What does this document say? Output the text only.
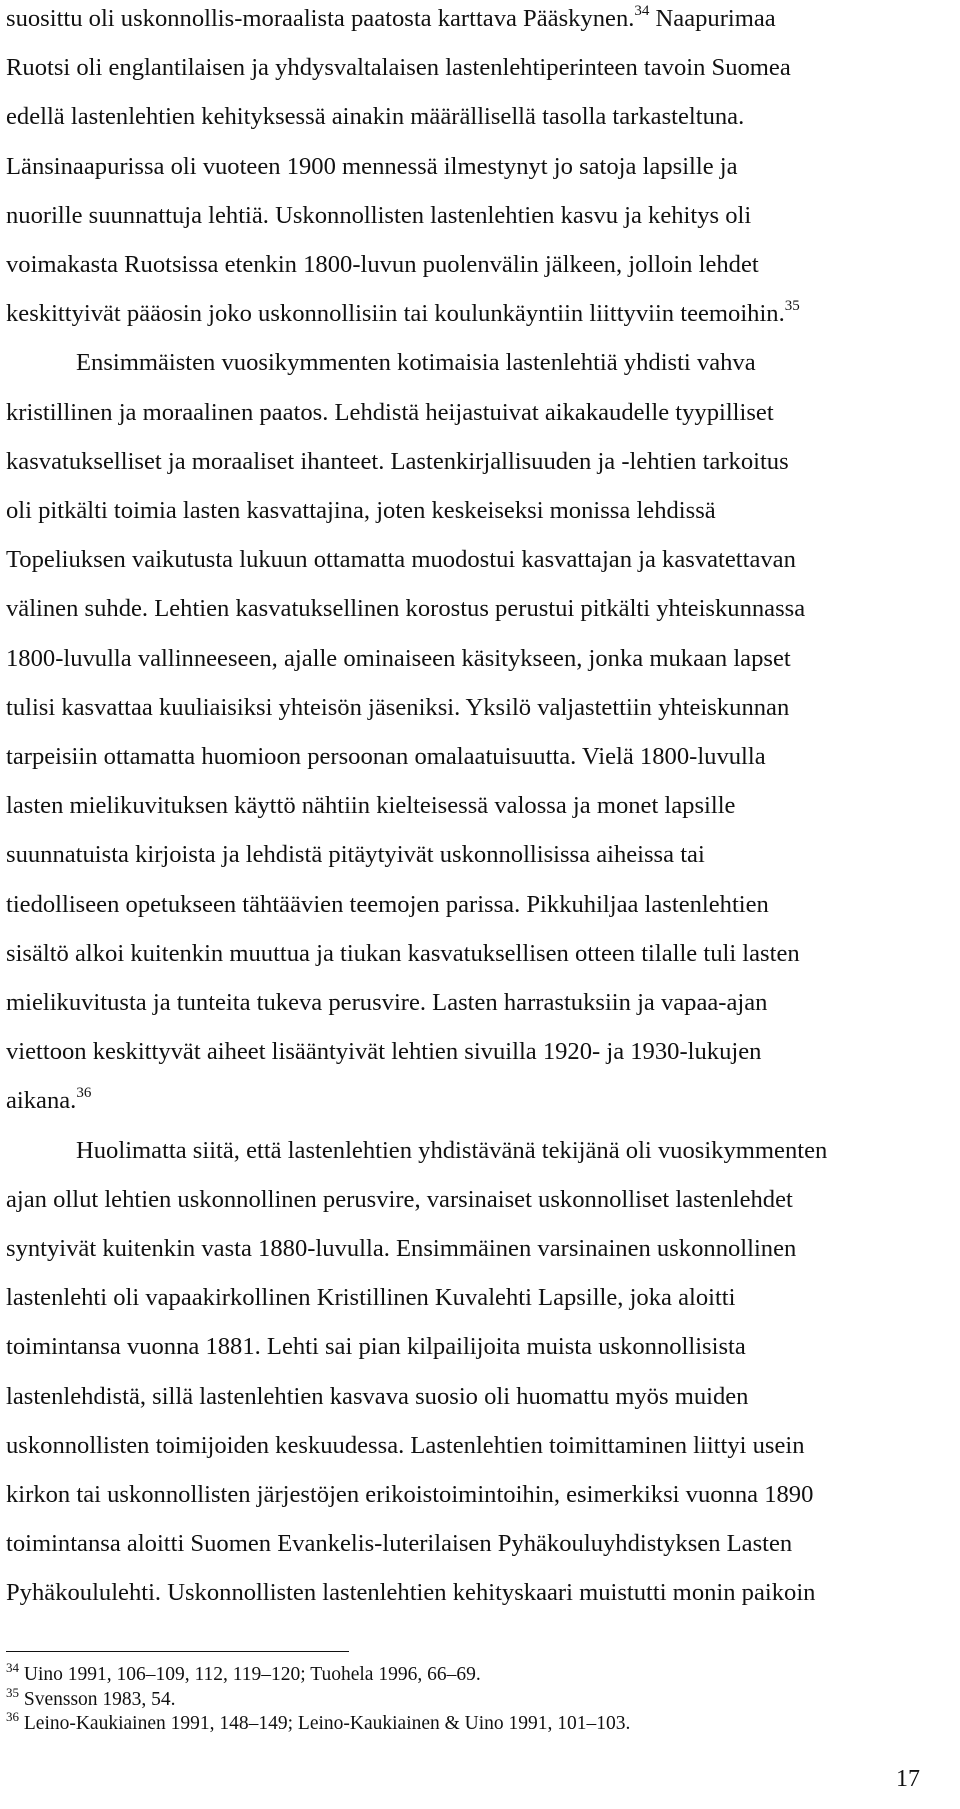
suosittu oli uskonnollis-moraalista paatosta karttava Pääskynen.$^{34}$ Naapurimaa
Ruotsi oli englantilaisen ja yhdysvaltalaisen lastenlehtiperinteen tavoin Suomea
edellä lastenlehtien kehityksessä ainakin määrällisellä tasolla tarkasteltuna.
Länsinaapurissa oli vuoteen 1900 mennessä ilmestynyt jo satoja lapsille ja
nuorille suunnattuja lehtiä. Uskonnollisten lastenlehtien kasvu ja kehitys oli
voimakasta Ruotsissa etenkin 1800-luvun puolenvälin jälkeen, jolloin lehdet
keskittyivät pääosin joko uskonnollisiin tai koulunkäyntiin liittyviin teemoihin.$^{35}$
Ensimmäisten vuosikymmenten kotimaisia lastenlehtiä yhdisti vahva
kristillinen ja moraalinen paatos. Lehdistä heijastuivat aikakaudelle tyypilliset
kasvatukselliset ja moraaliset ihanteet. Lastenkirjallisuuden ja -lehtien tarkoitus
oli pitkälti toimia lasten kasvattajina, joten keskeiseksi monissa lehdissä
Topeliuksen vaikutusta lukuun ottamatta muodostui kasvattajan ja kasvatettavan
välinen suhde. Lehtien kasvatuksellinen korostus perustui pitkälti yhteiskunnassa
1800-luvulla vallinneeseen, ajalle ominaiseen käsitykseen, jonka mukaan lapset
tulisi kasvattaa kuuliaisiksi yhteisön jäseniksi. Yksilö valjastettiin yhteiskunnan
tarpeisiin ottamatta huomioon persoonan omalaatuisuutta. Vielä 1800-luvulla
lasten mielikuvituksen käyttö nähtiin kielteisessä valossa ja monet lapsille
suunnatuista kirjoista ja lehdistä pitäytyivät uskonnollisissa aiheissa tai
tiedolliseen opetukseen tähtäävien teemojen parissa. Pikkuhiljaa lastenlehtien
sisältö alkoi kuitenkin muuttua ja tiukan kasvatuksellisen otteen tilalle tuli lasten
mielikuvitusta ja tunteita tukeva perusvire. Lasten harrastuksiin ja vapaa-ajan
viettoon keskittyvät aiheet lisääntyivät lehtien sivuilla 1920- ja 1930-lukujen
aikana.$^{36}$
Huolimatta siitä, että lastenlehtien yhdistävänä tekijänä oli vuosikymmenten
ajan ollut lehtien uskonnollinen perusvire, varsinaiset uskonnolliset lastenlehdet
syntyivät kuitenkin vasta 1880-luvulla. Ensimmäinen varsinainen uskonnollinen
lastenlehti oli vapaakirkollinen Kristillinen Kuvalehti Lapsille, joka aloitti
toimintansa vuonna 1881. Lehti sai pian kilpailijoita muista uskonnollisista
lastenlehdistä, sillä lastenlehtien kasvava suosio oli huomattu myös muiden
uskonnollisten toimijoiden keskuudessa. Lastenlehtien toimittaminen liittyi usein
kirkon tai uskonnollisten järjestöjen erikoistoimintoihin, esimerkiksi vuonna 1890
toimintansa aloitti Suomen Evankelis-luterilaisen Pyhäkouluyhdistyksen Lasten
Pyhäkoululehti. Uskonnollisten lastenlehtien kehityskaari muistutti monin paikoin
$^{34}$ Uino 1991, 106–109, 112, 119–120; Tuohela 1996, 66–69.
$^{35}$ Svensson 1983, 54.
$^{36}$ Leino-Kaukiainen 1991, 148–149; Leino-Kaukiainen & Uino 1991, 101–103.
17
